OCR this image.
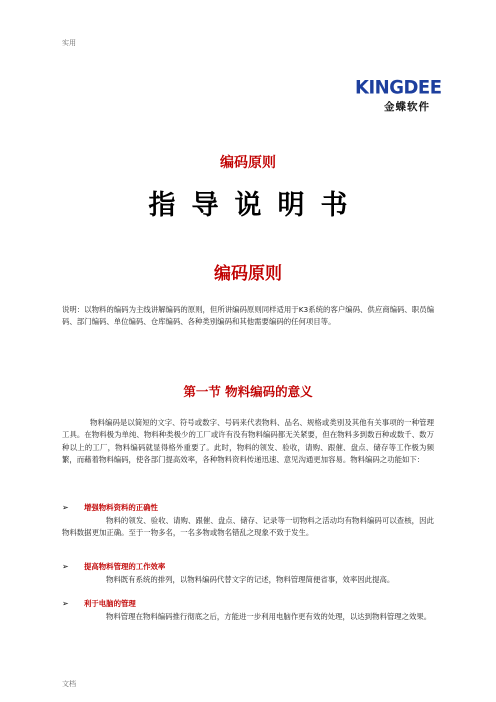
实用
KINGDEE
金蝶软件
编码原则
指导说明书
编码原则
说明：以物料的编码为主线讲解编码的原则，但所讲编码原则同样适用于K3系统的客户编码、供应商编码、职员编码、部门编码、单位编码、仓库编码、各种类别编码和其他需要编码的任何项目等。
第一节 物料编码的意义
物料编码是以简短的文字、符号或数字、号码来代表物料、品名、规格或类别及其他有关事项的一种管理工具。在物料极为单纯、物料种类极少的工厂或许有没有物料编码都无关紧要，但在物料多到数百种或数千、数万种以上的工厂，物料编码就显得格外重要了。此时，物料的领发、验收，请购、跟催、盘点、储存等工作极为频繁，而藉着物料编码，使各部门提高效率，各种物料资料传递迅速、意见沟通更加容易。物料编码之功能如下：
➢ 增强物料资料的正确性
物料的领发、验收、请购、跟催、盘点、储存、记录等一切物料之活动均有物料编码可以查核，因此物料数据更加正确。至于一物多名，一名多物或物名错乱之现象不致于发生。
➢ 提高物料管理的工作效率
物料既有系统的排列，以物料编码代替文字的记述，物料管理简便省事，效率因此提高。
➢ 利于电脑的管理
物料管理在物料编码推行彻底之后，方能进一步利用电脑作更有效的处理，以达到物料管理之效果。
文档
